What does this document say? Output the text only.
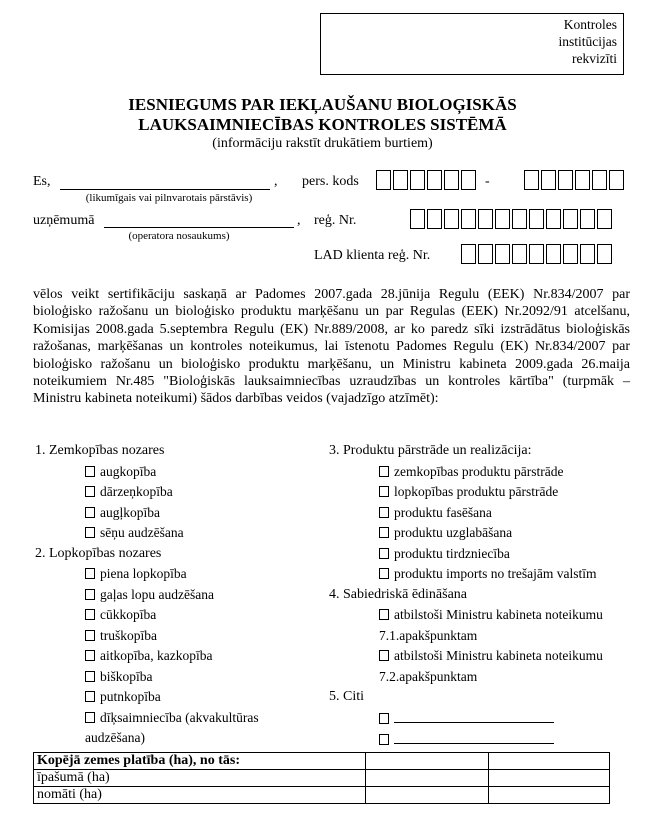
Kontroles
institūcijas
rekvizīti
IESNIEGUMS PAR IEKĻAUŠANU BIOLOĢISKĀS
LAUKSAIMNIECĪBAS KONTROLES SISTĒMĀ
(informāciju rakstīt drukātiem burtiem)
Es,	,
(likumīgais vai pilnvarotais pārstāvis)
pers. kods	-
uzņēmumā	,
(operatora nosaukums)
reģ. Nr.
LAD klienta reģ. Nr.
vēlos veikt sertifikāciju saskaņā ar Padomes 2007.gada 28.jūnija Regulu (EEK) Nr.834/2007 par bioloģisko ražošanu un bioloģisko produktu marķēšanu un par Regulas (EEK) Nr.2092/91 atcelšanu, Komisijas 2008.gada 5.septembra Regulu (EK) Nr.889/2008, ar ko paredz sīki izstrādātus bioloģiskās ražošanas, marķēšanas un kontroles noteikumus, lai īstenotu Padomes Regulu (EK) Nr.834/2007 par bioloģisko ražošanu un bioloģisko produktu marķēšanu, un Ministru kabineta 2009.gada 26.maija noteikumiem Nr.485 "Bioloģiskās lauksaimniecības uzraudzības un kontroles kārtība" (turpmāk – Ministru kabineta noteikumi) šādos darbības veidos (vajadzīgo atzīmēt):
1. Zemkopības nozares
augkopība
dārzeņkopība
augļkopība
sēņu audzēšana
2. Lopkopības nozares
piena lopkopība
gaļas lopu audzēšana
cūkkopība
truškopība
aitkopība, kazkopība
biškopība
putnkopība
dīķsaimniecība (akvakultūras audzēšana)
3. Produktu pārstrāde un realizācija:
zemkopības produktu pārstrāde
lopkopības produktu pārstrāde
produktu fasēšana
produktu uzglabāšana
produktu tirdzniecība
produktu imports no trešajām valstīm
4. Sabiedriskā ēdināšana
atbilstoši Ministru kabineta noteikumu 7.1.apakšpunktam
atbilstoši Ministru kabineta noteikumu 7.2.apakšpunktam
5. Citi
Kopējā zemes platība (ha), no tās:		
īpašumā (ha)		
nomāti (ha)		
